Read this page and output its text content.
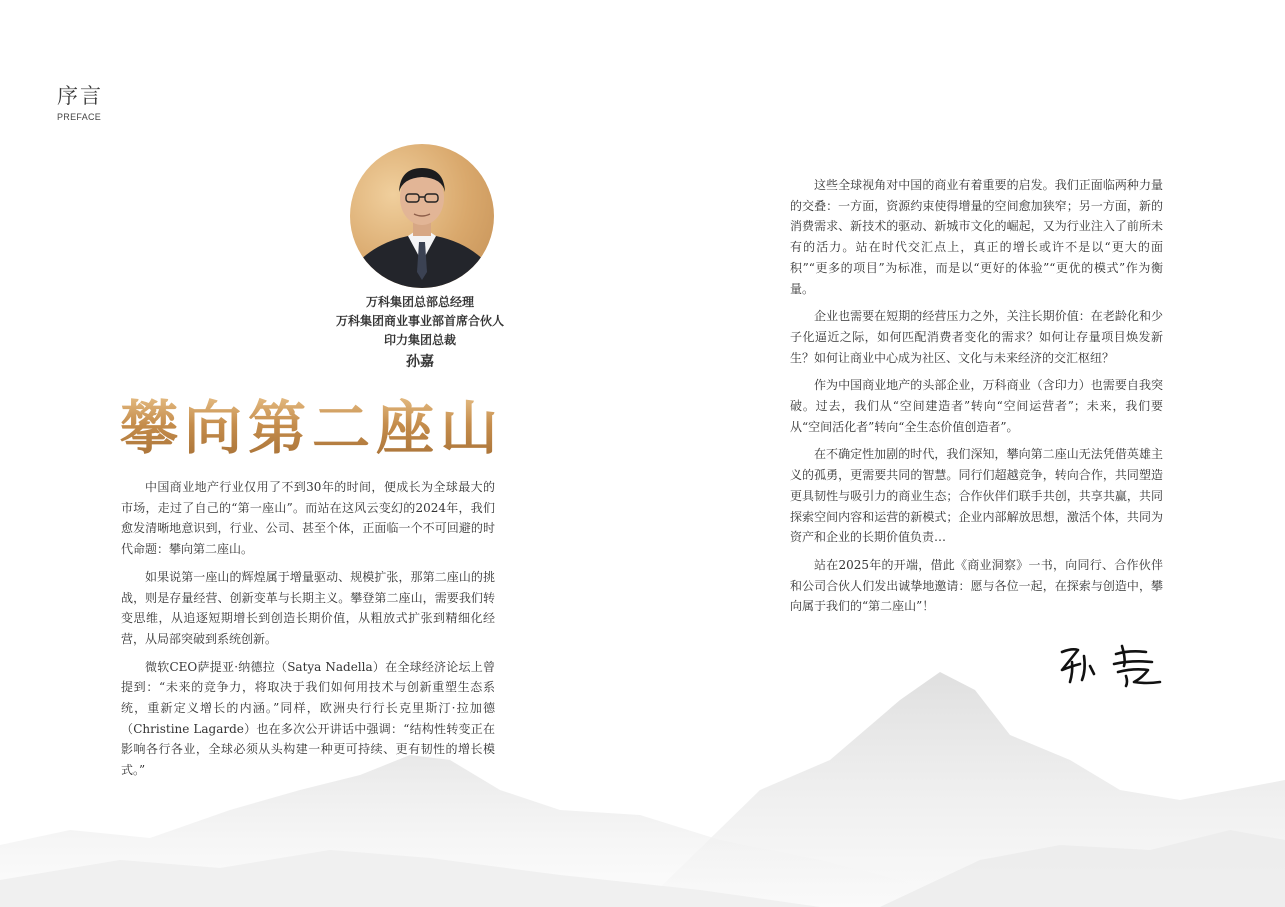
序言
PREFACE
万科集团总部总经理
万科集团商业事业部首席合伙人
印力集团总裁
孙嘉
攀向第二座山

中国商业地产行业仅用了不到30年的时间，便成长为全球最大的市场，走过了自己的“第一座山”。而站在这风云变幻的2024年，我们愈发清晰地意识到，行业、公司、甚至个体，正面临一个不可回避的时代命题：攀向第二座山。

如果说第一座山的辉煌属于增量驱动、规模扩张，那第二座山的挑战，则是存量经营、创新变革与长期主义。攀登第二座山，需要我们转变思维，从追逐短期增长到创造长期价值，从粗放式扩张到精细化经营，从局部突破到系统创新。

微软CEO萨提亚·纳德拉（Satya Nadella）在全球经济论坛上曾提到：“未来的竞争力，将取决于我们如何用技术与创新重塑生态系统，重新定义增长的内涵。”同样，欧洲央行行长克里斯汀·拉加德（Christine Lagarde）也在多次公开讲话中强调：“结构性转变正在影响各行各业，全球必须从头构建一种更可持续、更有韧性的增长模式。”

这些全球视角对中国的商业有着重要的启发。我们正面临两种力量的交叠：一方面，资源约束使得增量的空间愈加狭窄；另一方面，新的消费需求、新技术的驱动、新城市文化的崛起，又为行业注入了前所未有的活力。站在时代交汇点上，真正的增长或许不是以“更大的面积”“更多的项目”为标准，而是以“更好的体验”“更优的模式”作为衡量。

企业也需要在短期的经营压力之外，关注长期价值：在老龄化和少子化逼近之际，如何匹配消费者变化的需求？如何让存量项目焕发新生？如何让商业中心成为社区、文化与未来经济的交汇枢纽？

作为中国商业地产的头部企业，万科商业（含印力）也需要自我突破。过去，我们从“空间建造者”转向“空间运营者”；未来，我们要从“空间活化者”转向“全生态价值创造者”。

在不确定性加剧的时代，我们深知，攀向第二座山无法凭借英雄主义的孤勇，更需要共同的智慧。同行们超越竞争，转向合作，共同塑造更具韧性与吸引力的商业生态；合作伙伴们联手共创，共享共赢，共同探索空间内容和运营的新模式；企业内部解放思想，激活个体，共同为资产和企业的长期价值负责…

站在2025年的开端，借此《商业洞察》一书，向同行、合作伙伴和公司合伙人们发出诚挚地邀请：愿与各位一起，在探索与创造中，攀向属于我们的“第二座山”！
